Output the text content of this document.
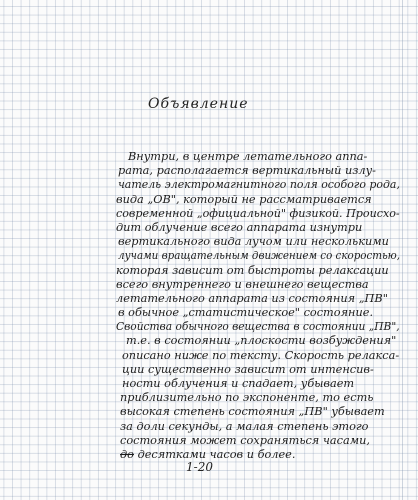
Объявление
Внутри, в центре летательного аппа-
рата, располагается вертикальный излу-
чатель электромагнитного поля особого рода,
вида „ОВ", который не рассматривается
современной „официальной" физикой. Происхо-
дит облучение всего аппарата изнутри
вертикального вида лучом или несколькими
лучами вращательным движением со скоростью,
которая зависит от быстроты релаксации
всего внутреннего и внешнего вещества
летательного аппарата из состояния „ПВ"
в обычное „статистическое" состояние.
Свойства обычного вещества в состоянии „ПВ",
т.е. в состоянии „плоскости возбуждения"
описано ниже по тексту. Скорость релакса-
ции существенно зависит от интенсив-
ности облучения и спадает, убывает
приблизительно по экспоненте, то есть
высокая степень состояния „ПВ" убывает
за доли секунды, а малая степень этого
состояния может сохраняться часами,
до десятками часов и более.
1-20
